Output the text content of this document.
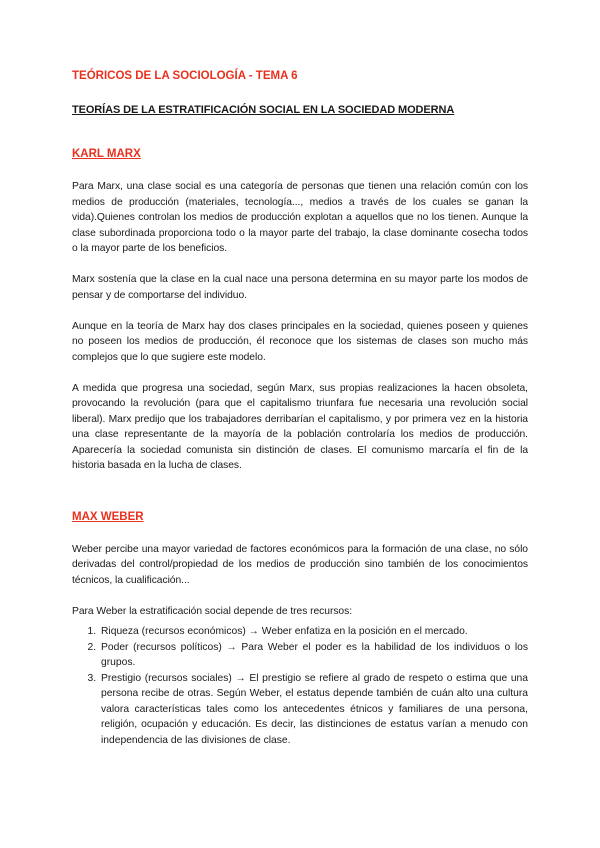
TEÓRICOS DE LA SOCIOLOGÍA - TEMA 6
TEORÍAS DE LA ESTRATIFICACIÓN SOCIAL EN LA SOCIEDAD MODERNA
KARL MARX

Para Marx, una clase social es una categoría de personas que tienen una relación común con los medios de producción (materiales, tecnología..., medios a través de los cuales se ganan la vida).Quienes controlan los medios de producción explotan a aquellos que no los tienen. Aunque la clase subordinada proporciona todo o la mayor parte del trabajo, la clase dominante cosecha todos o la mayor parte de los beneficios.

Marx sostenía que la clase en la cual nace una persona determina en su mayor parte los modos de pensar y de comportarse del individuo.

Aunque en la teoría de Marx hay dos clases principales en la sociedad, quienes poseen y quienes no poseen los medios de producción, él reconoce que los sistemas de clases son mucho más complejos que lo que sugiere este modelo.

A medida que progresa una sociedad, según Marx, sus propias realizaciones la hacen obsoleta, provocando la revolución (para que el capitalismo triunfara fue necesaria una revolución social liberal). Marx predijo que los trabajadores derribarían el capitalismo, y por primera vez en la historia una clase representante de la mayoría de la población controlaría los medios de producción. Aparecería la sociedad comunista sin distinción de clases. El comunismo marcaría el fin de la historia basada en la lucha de clases.

MAX WEBER

Weber percibe una mayor variedad de factores económicos para la formación de una clase, no sólo derivadas del control/propiedad de los medios de producción sino también de los conocimientos técnicos, la cualificación...

Para Weber la estratificación social depende de tres recursos:

1. Riqueza (recursos económicos) → Weber enfatiza en la posición en el mercado.
2. Poder (recursos políticos) → Para Weber el poder es la habilidad de los individuos o los grupos.
3. Prestigio (recursos sociales) → El prestigio se refiere al grado de respeto o estima que una persona recibe de otras. Según Weber, el estatus depende también de cuán alto una cultura valora características tales como los antecedentes étnicos y familiares de una persona, religión, ocupación y educación. Es decir, las distinciones de estatus varían a menudo con independencia de las divisiones de clase.
